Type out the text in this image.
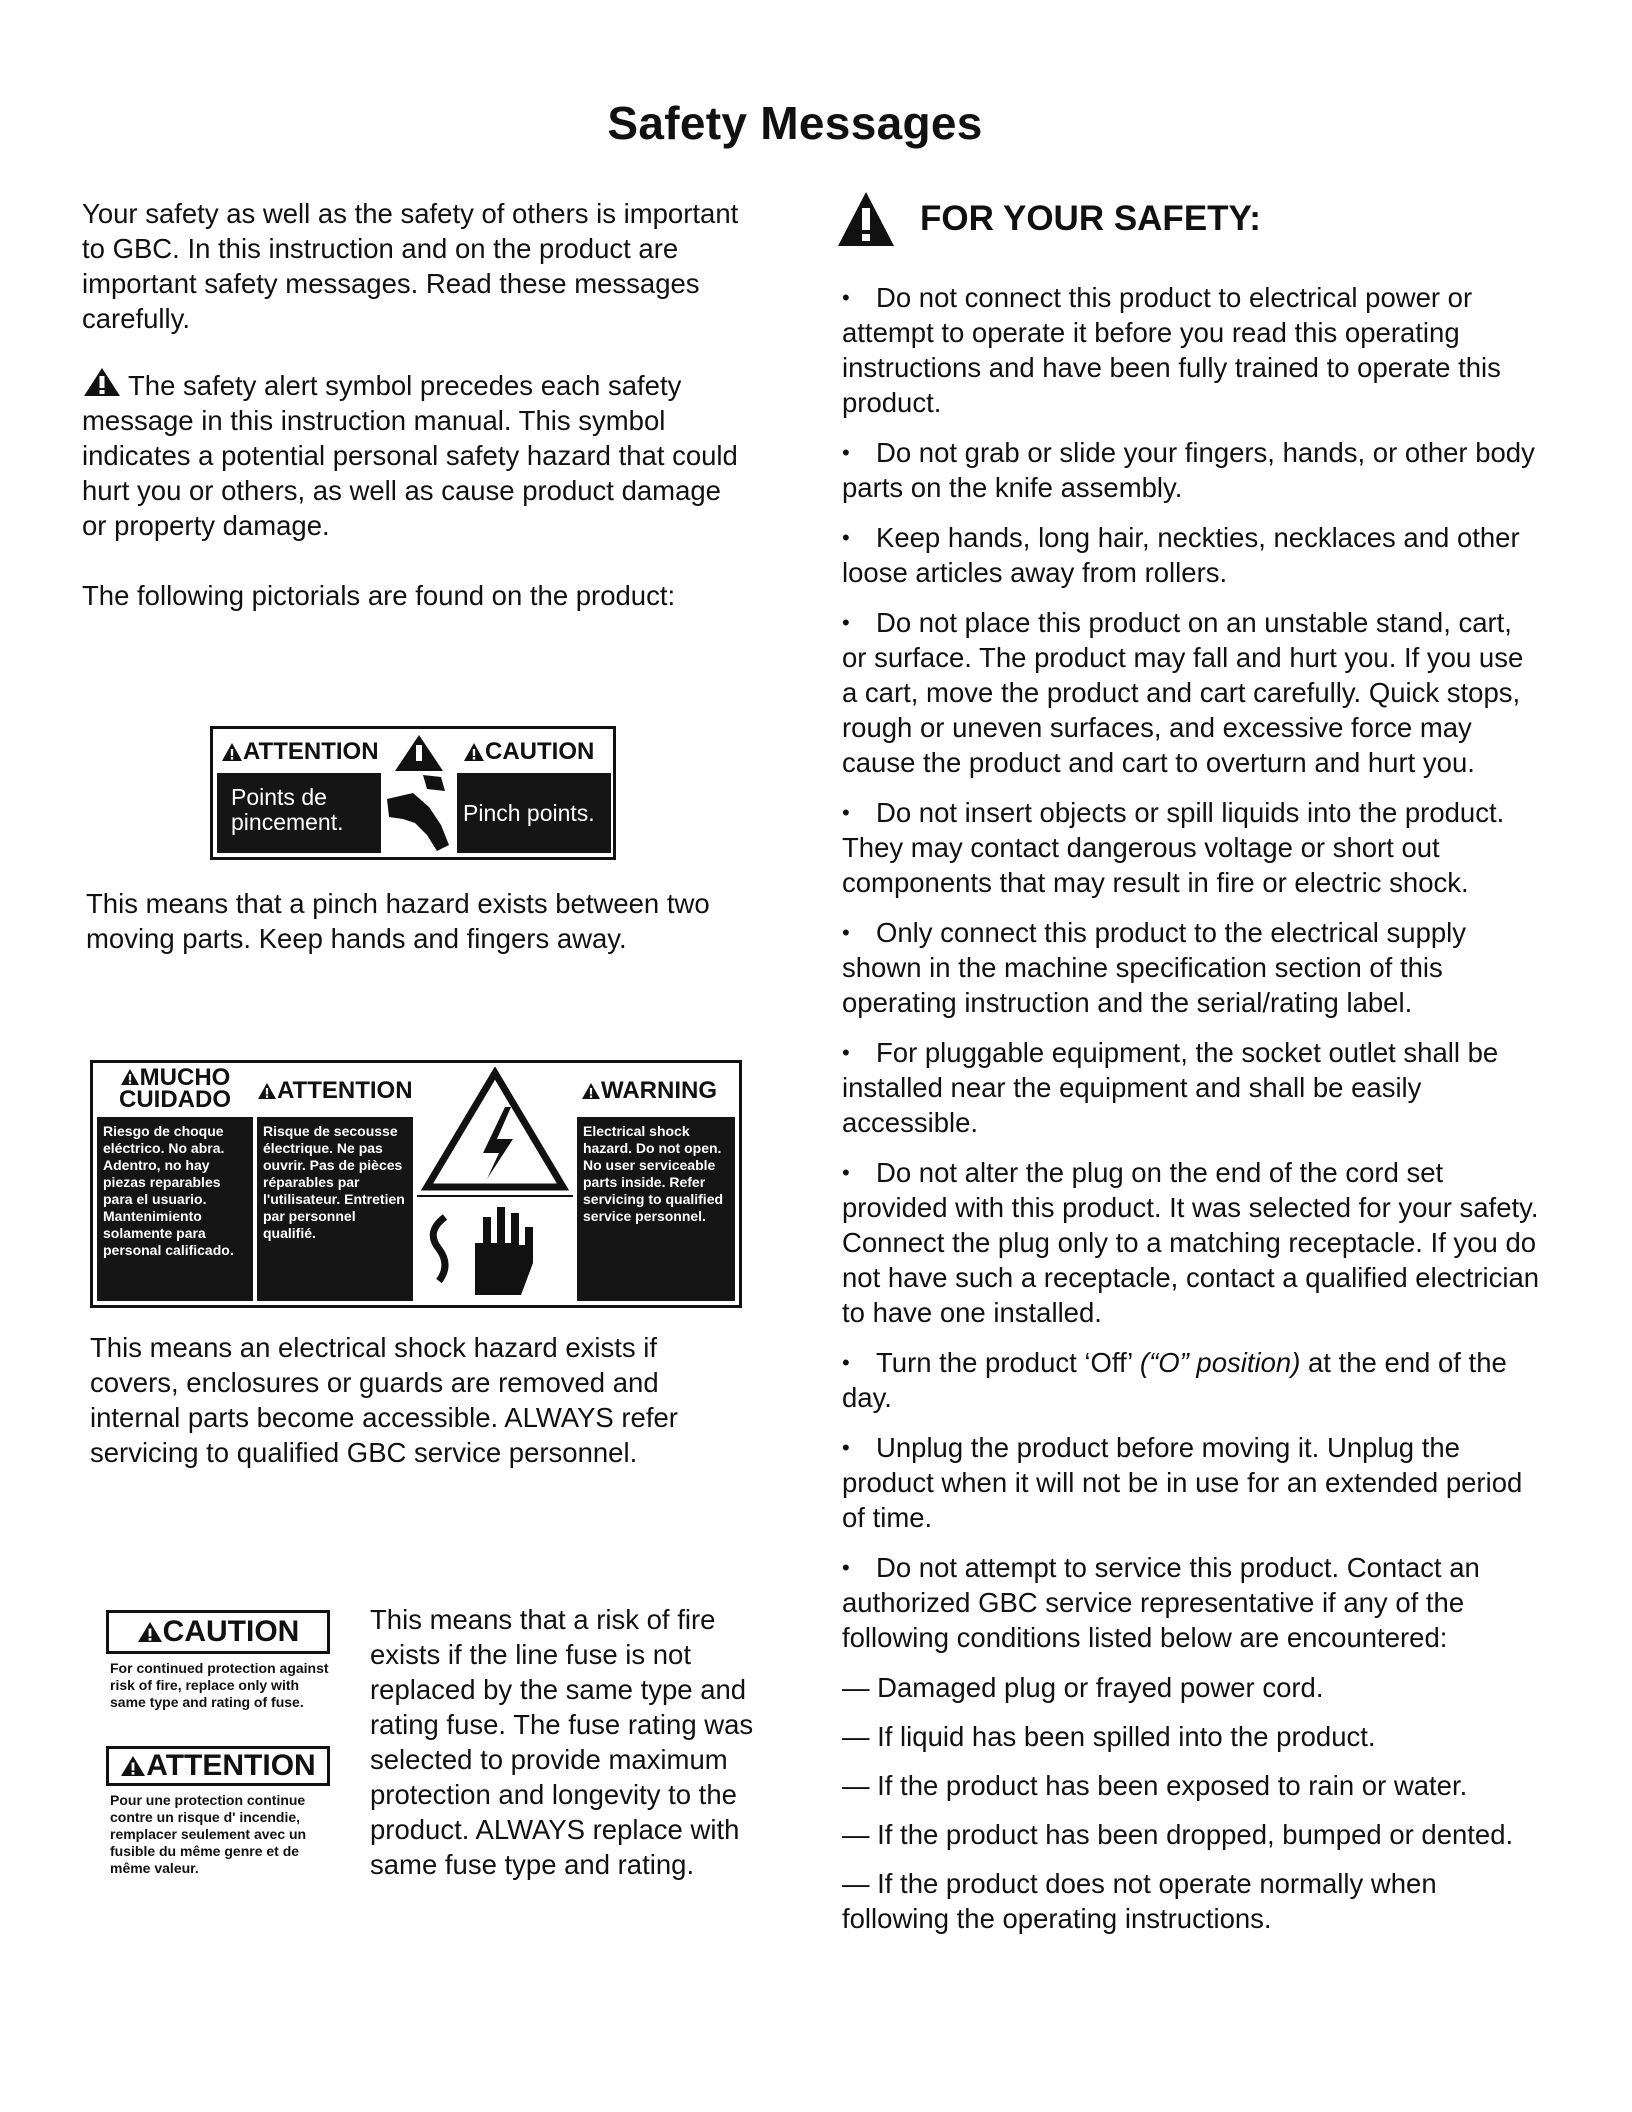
Safety Messages
Your safety as well as the safety of others is important to GBC. In this instruction and on the product are important safety messages. Read these messages carefully.
The safety alert symbol precedes each safety message in this instruction manual. This symbol indicates a potential personal safety hazard that could hurt you or others, as well as cause product damage or property damage.
The following pictorials are found on the product:
ATTENTION
Points de pincement.
CAUTION
Pinch points.
This means that a pinch hazard exists between two moving parts. Keep hands and fingers away.
MUCHO CUIDADO
Riesgo de choque eléctrico. No abra. Adentro, no hay piezas reparables para el usuario. Mantenimiento solamente para personal calificado.
ATTENTION
Risque de secousse électrique. Ne pas ouvrir. Pas de pièces réparables par l'utilisateur. Entretien par personnel qualifié.
WARNING
Electrical shock hazard. Do not open. No user serviceable parts inside. Refer servicing to qualified service personnel.
This means an electrical shock hazard exists if covers, enclosures or guards are removed and internal parts become accessible. ALWAYS refer servicing to qualified GBC service personnel.
CAUTION
For continued protection against risk of fire, replace only with same type and rating of fuse.
ATTENTION
Pour une protection continue contre un risque d' incendie, remplacer seulement avec un fusible du même genre et de même valeur.
This means that a risk of fire exists if the line fuse is not replaced by the same type and rating fuse. The fuse rating was selected to provide maximum protection and longevity to the product. ALWAYS replace with same fuse type and rating.
FOR YOUR SAFETY:
• Do not connect this product to electrical power or attempt to operate it before you read this operating instructions and have been fully trained to operate this product.
• Do not grab or slide your fingers, hands, or other body parts on the knife assembly.
• Keep hands, long hair, neckties, necklaces and other loose articles away from rollers.
• Do not place this product on an unstable stand, cart, or surface. The product may fall and hurt you. If you use a cart, move the product and cart carefully. Quick stops, rough or uneven surfaces, and excessive force may cause the product and cart to overturn and hurt you.
• Do not insert objects or spill liquids into the product. They may contact dangerous voltage or short out components that may result in fire or electric shock.
• Only connect this product to the electrical supply shown in the machine specification section of this operating instruction and the serial/rating label.
• For pluggable equipment, the socket outlet shall be installed near the equipment and shall be easily accessible.
• Do not alter the plug on the end of the cord set provided with this product. It was selected for your safety. Connect the plug only to a matching receptacle. If you do not have such a receptacle, contact a qualified electrician to have one installed.
• Turn the product ‘Off’ (“O” position) at the end of the day.
• Unplug the product before moving it. Unplug the product when it will not be in use for an extended period of time.
• Do not attempt to service this product. Contact an authorized GBC service representative if any of the following conditions listed below are encountered:
— Damaged plug or frayed power cord.
— If liquid has been spilled into the product.
— If the product has been exposed to rain or water.
— If the product has been dropped, bumped or dented.
— If the product does not operate normally when following the operating instructions.
